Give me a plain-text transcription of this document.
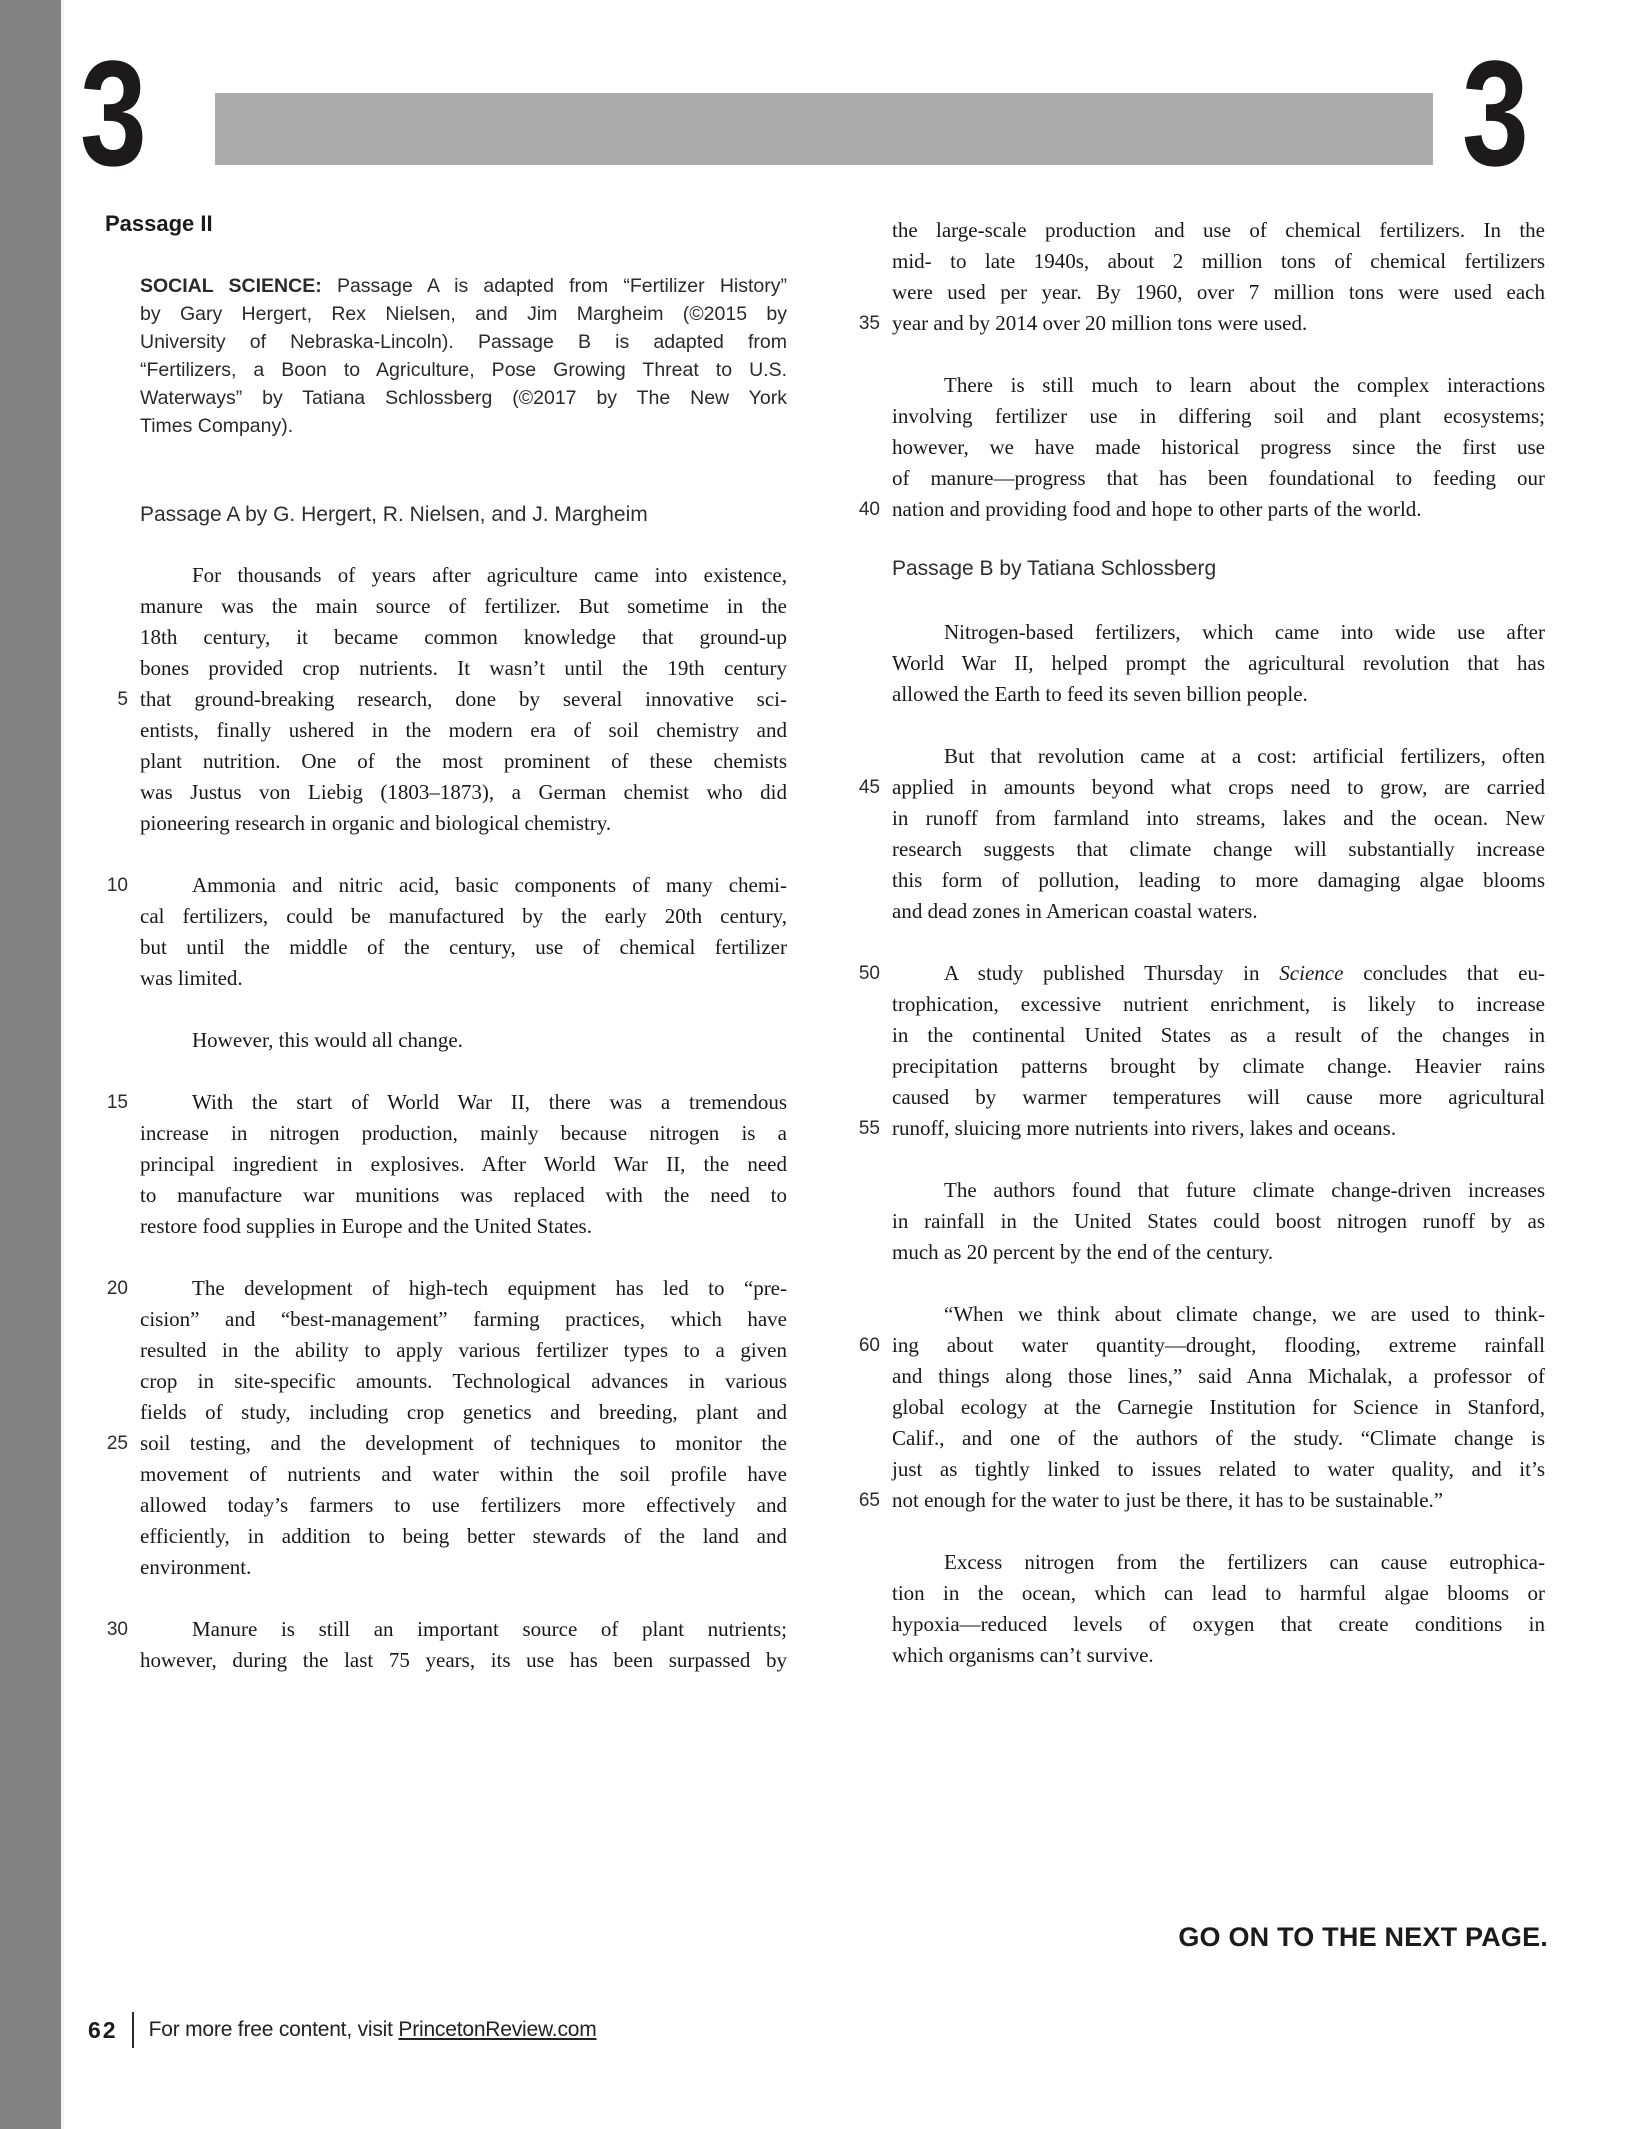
3	3
Passage II
SOCIAL SCIENCE: Passage A is adapted from “Fertilizer History”
by Gary Hergert, Rex Nielsen, and Jim Margheim (©2015 by
University of Nebraska-Lincoln). Passage B is adapted from
“Fertilizers, a Boon to Agriculture, Pose Growing Threat to U.S.
Waterways” by Tatiana Schlossberg (©2017 by The New York
Times Company).
Passage A by G. Hergert, R. Nielsen, and J. Margheim
For thousands of years after agriculture came into existence,
manure was the main source of fertilizer. But sometime in the
18th century, it became common knowledge that ground-up
bones provided crop nutrients. It wasn’t until the 19th century
5 that ground-breaking research, done by several innovative sci-
entists, finally ushered in the modern era of soil chemistry and
plant nutrition. One of the most prominent of these chemists
was Justus von Liebig (1803–1873), a German chemist who did
pioneering research in organic and biological chemistry.
10	Ammonia and nitric acid, basic components of many chemi-
cal fertilizers, could be manufactured by the early 20th century,
but until the middle of the century, use of chemical fertilizer
was limited.
However, this would all change.
15	With the start of World War II, there was a tremendous
increase in nitrogen production, mainly because nitrogen is a
principal ingredient in explosives. After World War II, the need
to manufacture war munitions was replaced with the need to
restore food supplies in Europe and the United States.
20	The development of high-tech equipment has led to “pre-
cision” and “best-management” farming practices, which have
resulted in the ability to apply various fertilizer types to a given
crop in site-specific amounts. Technological advances in various
fields of study, including crop genetics and breeding, plant and
25 soil testing, and the development of techniques to monitor the
movement of nutrients and water within the soil profile have
allowed today’s farmers to use fertilizers more effectively and
efficiently, in addition to being better stewards of the land and
environment.
30	Manure is still an important source of plant nutrients;
however, during the last 75 years, its use has been surpassed by
the large-scale production and use of chemical fertilizers. In the
mid- to late 1940s, about 2 million tons of chemical fertilizers
were used per year. By 1960, over 7 million tons were used each
35 year and by 2014 over 20 million tons were used.
There is still much to learn about the complex interactions
involving fertilizer use in differing soil and plant ecosystems;
however, we have made historical progress since the first use
of manure—progress that has been foundational to feeding our
40 nation and providing food and hope to other parts of the world.
Passage B by Tatiana Schlossberg
Nitrogen-based fertilizers, which came into wide use after
World War II, helped prompt the agricultural revolution that has
allowed the Earth to feed its seven billion people.
But that revolution came at a cost: artificial fertilizers, often
45 applied in amounts beyond what crops need to grow, are carried
in runoff from farmland into streams, lakes and the ocean. New
research suggests that climate change will substantially increase
this form of pollution, leading to more damaging algae blooms
and dead zones in American coastal waters.
50	A study published Thursday in Science concludes that eu-
trophication, excessive nutrient enrichment, is likely to increase
in the continental United States as a result of the changes in
precipitation patterns brought by climate change. Heavier rains
caused by warmer temperatures will cause more agricultural
55 runoff, sluicing more nutrients into rivers, lakes and oceans.
The authors found that future climate change-driven increases
in rainfall in the United States could boost nitrogen runoff by as
much as 20 percent by the end of the century.
“When we think about climate change, we are used to think-
60 ing about water quantity—drought, flooding, extreme rainfall
and things along those lines,” said Anna Michalak, a professor of
global ecology at the Carnegie Institution for Science in Stanford,
Calif., and one of the authors of the study. “Climate change is
just as tightly linked to issues related to water quality, and it’s
65 not enough for the water to just be there, it has to be sustainable.”
Excess nitrogen from the fertilizers can cause eutrophica-
tion in the ocean, which can lead to harmful algae blooms or
hypoxia—reduced levels of oxygen that create conditions in
which organisms can’t survive.
GO ON TO THE NEXT PAGE.
62 For more free content, visit PrincetonReview.com
